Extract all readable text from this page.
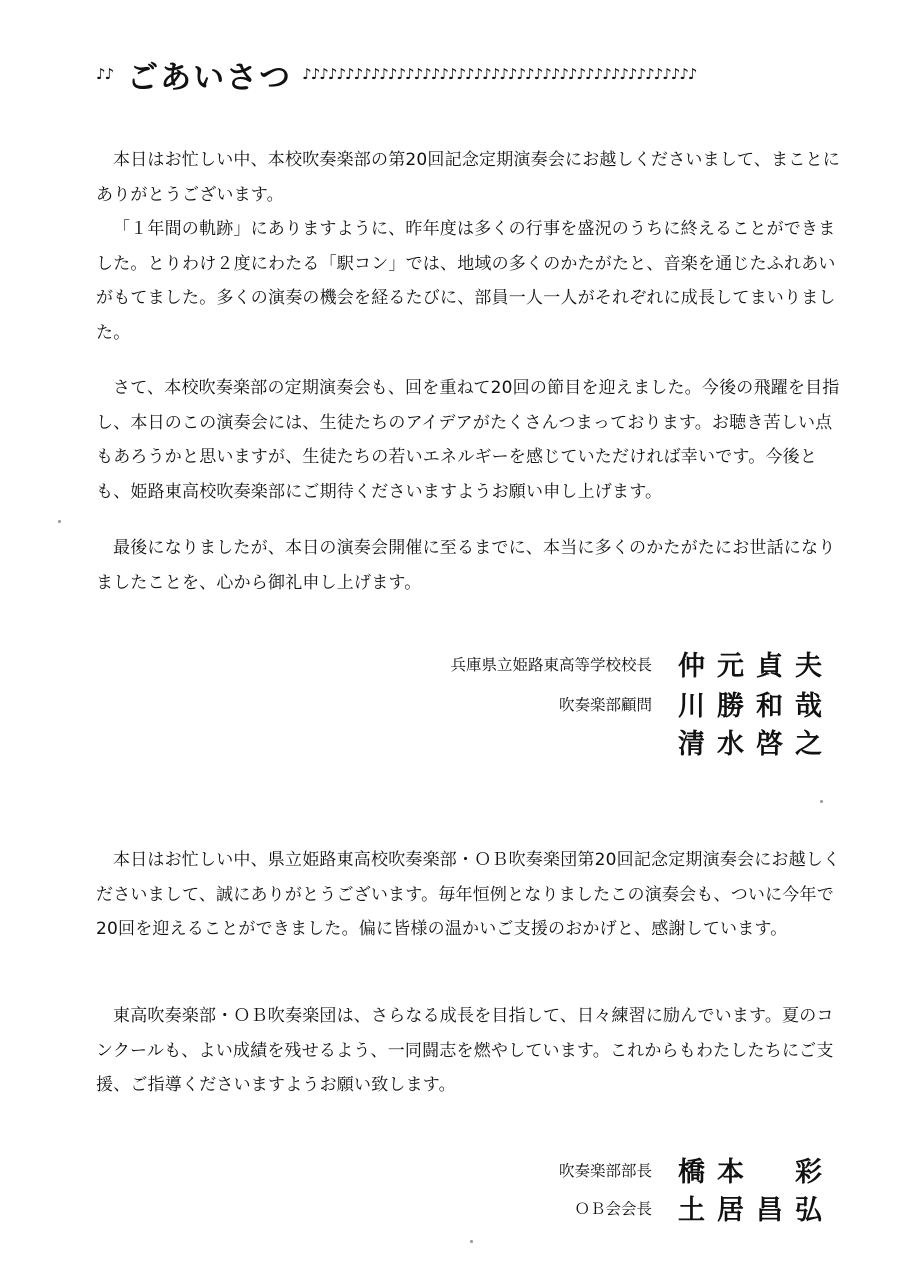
♪♪ ごあいさつ ♪♪♪♪♪♪♪♪♪♪♪♪♪♪♪♪♪♪♪♪♪♪♪♪♪♪♪♪♪♪♪♪♪♪♪♪♪♪♪♪♪♪♪♪♪♪

本日はお忙しい中、本校吹奏楽部の第20回記念定期演奏会にお越しくださいまして、まことにありがとうございます。

「１年間の軌跡」にありますように、昨年度は多くの行事を盛況のうちに終えることができました。とりわけ２度にわたる「駅コン」では、地域の多くのかたがたと、音楽を通じたふれあいがもてました。多くの演奏の機会を経るたびに、部員一人一人がそれぞれに成長してまいりました。

さて、本校吹奏楽部の定期演奏会も、回を重ねて20回の節目を迎えました。今後の飛躍を目指し、本日のこの演奏会には、生徒たちのアイデアがたくさんつまっております。お聴き苦しい点もあろうかと思いますが、生徒たちの若いエネルギーを感じていただければ幸いです。今後とも、姫路東高校吹奏楽部にご期待くださいますようお願い申し上げます。

最後になりましたが、本日の演奏会開催に至るまでに、本当に多くのかたがたにお世話になりましたことを、心から御礼申し上げます。

兵庫県立姫路東高等学校校長 仲元貞夫
吹奏楽部顧問 川勝和哉
清水啓之

本日はお忙しい中、県立姫路東高校吹奏楽部・ＯＢ吹奏楽団第20回記念定期演奏会にお越しくださいまして、誠にありがとうございます。毎年恒例となりましたこの演奏会も、ついに今年で20回を迎えることができました。偏に皆様の温かいご支援のおかげと、感謝しています。

東高吹奏楽部・ＯＢ吹奏楽団は、さらなる成長を目指して、日々練習に励んでいます。夏のコンクールも、よい成績を残せるよう、一同闘志を燃やしています。これからもわたしたちにご支援、ご指導くださいますようお願い致します。

吹奏楽部部長 橋本　彩
ＯＢ会会長 土居昌弘
